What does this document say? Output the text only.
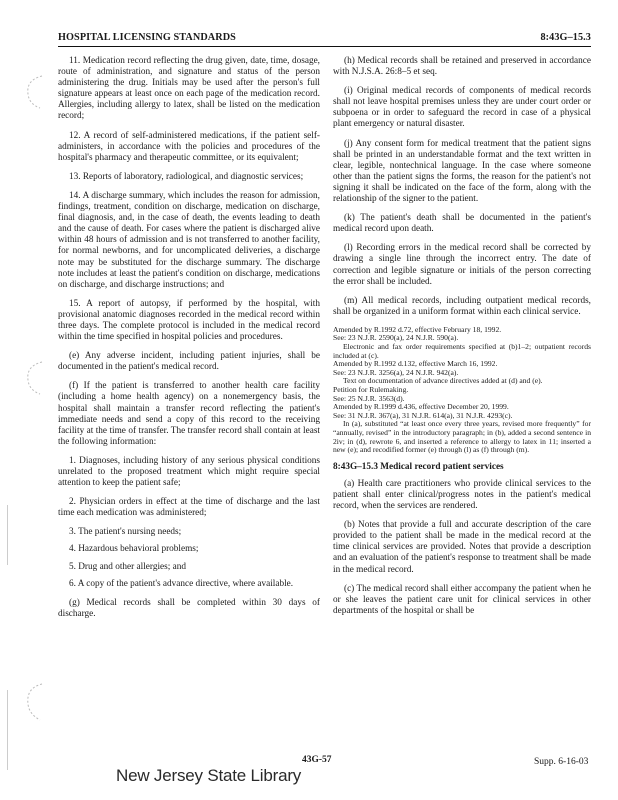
HOSPITAL LICENSING STANDARDS	8:43G–15.3

11. Medication record reflecting the drug given, date, time, dosage, route of administration, and signature and status of the person administering the drug. Initials may be used after the person's full signature appears at least once on each page of the medication record. Allergies, including allergy to latex, shall be listed on the medication record;

12. A record of self-administered medications, if the patient self-administers, in accordance with the policies and procedures of the hospital's pharmacy and therapeutic committee, or its equivalent;

13. Reports of laboratory, radiological, and diagnostic services;

14. A discharge summary, which includes the reason for admission, findings, treatment, condition on discharge, medication on discharge, final diagnosis, and, in the case of death, the events leading to death and the cause of death. For cases where the patient is discharged alive within 48 hours of admission and is not transferred to another facility, for normal newborns, and for uncomplicated deliveries, a discharge note may be substituted for the discharge summary. The discharge note includes at least the patient's condition on discharge, medications on discharge, and discharge instructions; and

15. A report of autopsy, if performed by the hospital, with provisional anatomic diagnoses recorded in the medical record within three days. The complete protocol is included in the medical record within the time specified in hospital policies and procedures.

(e) Any adverse incident, including patient injuries, shall be documented in the patient's medical record.

(f) If the patient is transferred to another health care facility (including a home health agency) on a nonemergency basis, the hospital shall maintain a transfer record reflecting the patient's immediate needs and send a copy of this record to the receiving facility at the time of transfer. The transfer record shall contain at least the following information:

1. Diagnoses, including history of any serious physical conditions unrelated to the proposed treatment which might require special attention to keep the patient safe;

2. Physician orders in effect at the time of discharge and the last time each medication was administered;

3. The patient's nursing needs;

4. Hazardous behavioral problems;

5. Drug and other allergies; and

6. A copy of the patient's advance directive, where available.

(g) Medical records shall be completed within 30 days of discharge.

(h) Medical records shall be retained and preserved in accordance with N.J.S.A. 26:8–5 et seq.

(i) Original medical records of components of medical records shall not leave hospital premises unless they are under court order or subpoena or in order to safeguard the record in case of a physical plant emergency or natural disaster.

(j) Any consent form for medical treatment that the patient signs shall be printed in an understandable format and the text written in clear, legible, nontechnical language. In the case where someone other than the patient signs the forms, the reason for the patient's not signing it shall be indicated on the face of the form, along with the relationship of the signer to the patient.

(k) The patient's death shall be documented in the patient's medical record upon death.

(l) Recording errors in the medical record shall be corrected by drawing a single line through the incorrect entry. The date of correction and legible signature or initials of the person correcting the error shall be included.

(m) All medical records, including outpatient medical records, shall be organized in a uniform format within each clinical service.

Amended by R.1992 d.72, effective February 18, 1992.
See: 23 N.J.R. 2590(a), 24 N.J.R. 590(a).
Electronic and fax order requirements specified at (b)1–2; outpatient records included at (c).
Amended by R.1992 d.132, effective March 16, 1992.
See: 23 N.J.R. 3256(a), 24 N.J.R. 942(a).
Text on documentation of advance directives added at (d) and (e).
Petition for Rulemaking.
See: 25 N.J.R. 3563(d).
Amended by R.1999 d.436, effective December 20, 1999.
See: 31 N.J.R. 367(a), 31 N.J.R. 614(a), 31 N.J.R. 4293(c).
In (a), substituted “at least once every three years, revised more frequently” for “annually, revised” in the introductory paragraph; in (b), added a second sentence in 2iv; in (d), rewrote 6, and inserted a reference to allergy to latex in 11; inserted a new (e); and recodified former (e) through (l) as (f) through (m).
8:43G–15.3 Medical record patient services

(a) Health care practitioners who provide clinical services to the patient shall enter clinical/progress notes in the patient's medical record, when the services are rendered.

(b) Notes that provide a full and accurate description of the care provided to the patient shall be made in the medical record at the time clinical services are provided. Notes that provide a description and an evaluation of the patient's response to treatment shall be made in the medical record.

(c) The medical record shall either accompany the patient when he or she leaves the patient care unit for clinical services in other departments of the hospital or shall be

43G-57	Supp. 6-16-03
New Jersey State Library
